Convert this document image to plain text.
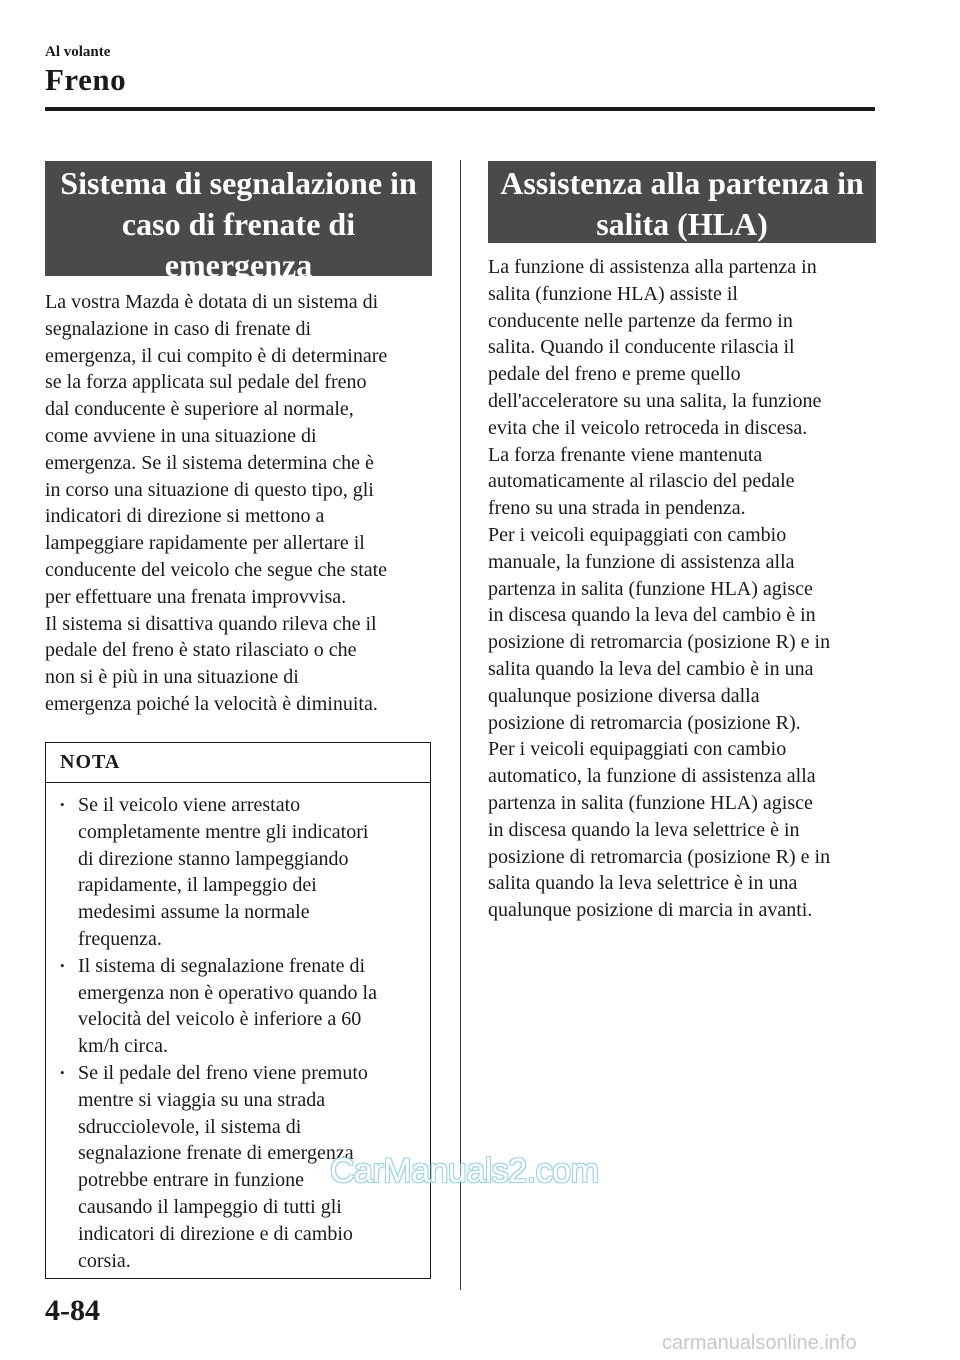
Al volante
Freno
Sistema di segnalazione in
caso di frenate di
emergenza

La vostra Mazda è dotata di un sistema di

segnalazione in caso di frenate di

emergenza, il cui compito è di determinare

se la forza applicata sul pedale del freno

dal conducente è superiore al normale,

come avviene in una situazione di

emergenza. Se il sistema determina che è

in corso una situazione di questo tipo, gli

indicatori di direzione si mettono a

lampeggiare rapidamente per allertare il

conducente del veicolo che segue che state

per effettuare una frenata improvvisa.

Il sistema si disattiva quando rileva che il

pedale del freno è stato rilasciato o che

non si è più in una situazione di

emergenza poiché la velocità è diminuita.

NOTA
• Se il veicolo viene arrestato
completamente mentre gli indicatori
di direzione stanno lampeggiando
rapidamente, il lampeggio dei
medesimi assume la normale
frequenza.
• Il sistema di segnalazione frenate di
emergenza non è operativo quando la
velocità del veicolo è inferiore a 60
km/h circa.
• Se il pedale del freno viene premuto
mentre si viaggia su una strada
sdrucciolevole, il sistema di
segnalazione frenate di emergenza
potrebbe entrare in funzione
causando il lampeggio di tutti gli
indicatori di direzione e di cambio
corsia.
Assistenza alla partenza in
salita (HLA)

La funzione di assistenza alla partenza in

salita (funzione HLA) assiste il

conducente nelle partenze da fermo in

salita. Quando il conducente rilascia il

pedale del freno e preme quello

dell'acceleratore su una salita, la funzione

evita che il veicolo retroceda in discesa.

La forza frenante viene mantenuta

automaticamente al rilascio del pedale

freno su una strada in pendenza.

Per i veicoli equipaggiati con cambio

manuale, la funzione di assistenza alla

partenza in salita (funzione HLA) agisce

in discesa quando la leva del cambio è in

posizione di retromarcia (posizione R) e in

salita quando la leva del cambio è in una

qualunque posizione diversa dalla

posizione di retromarcia (posizione R).

Per i veicoli equipaggiati con cambio

automatico, la funzione di assistenza alla

partenza in salita (funzione HLA) agisce

in discesa quando la leva selettrice è in

posizione di retromarcia (posizione R) e in

salita quando la leva selettrice è in una

qualunque posizione di marcia in avanti.

CarManuals2.com
4-84
carmanualsonline.info
